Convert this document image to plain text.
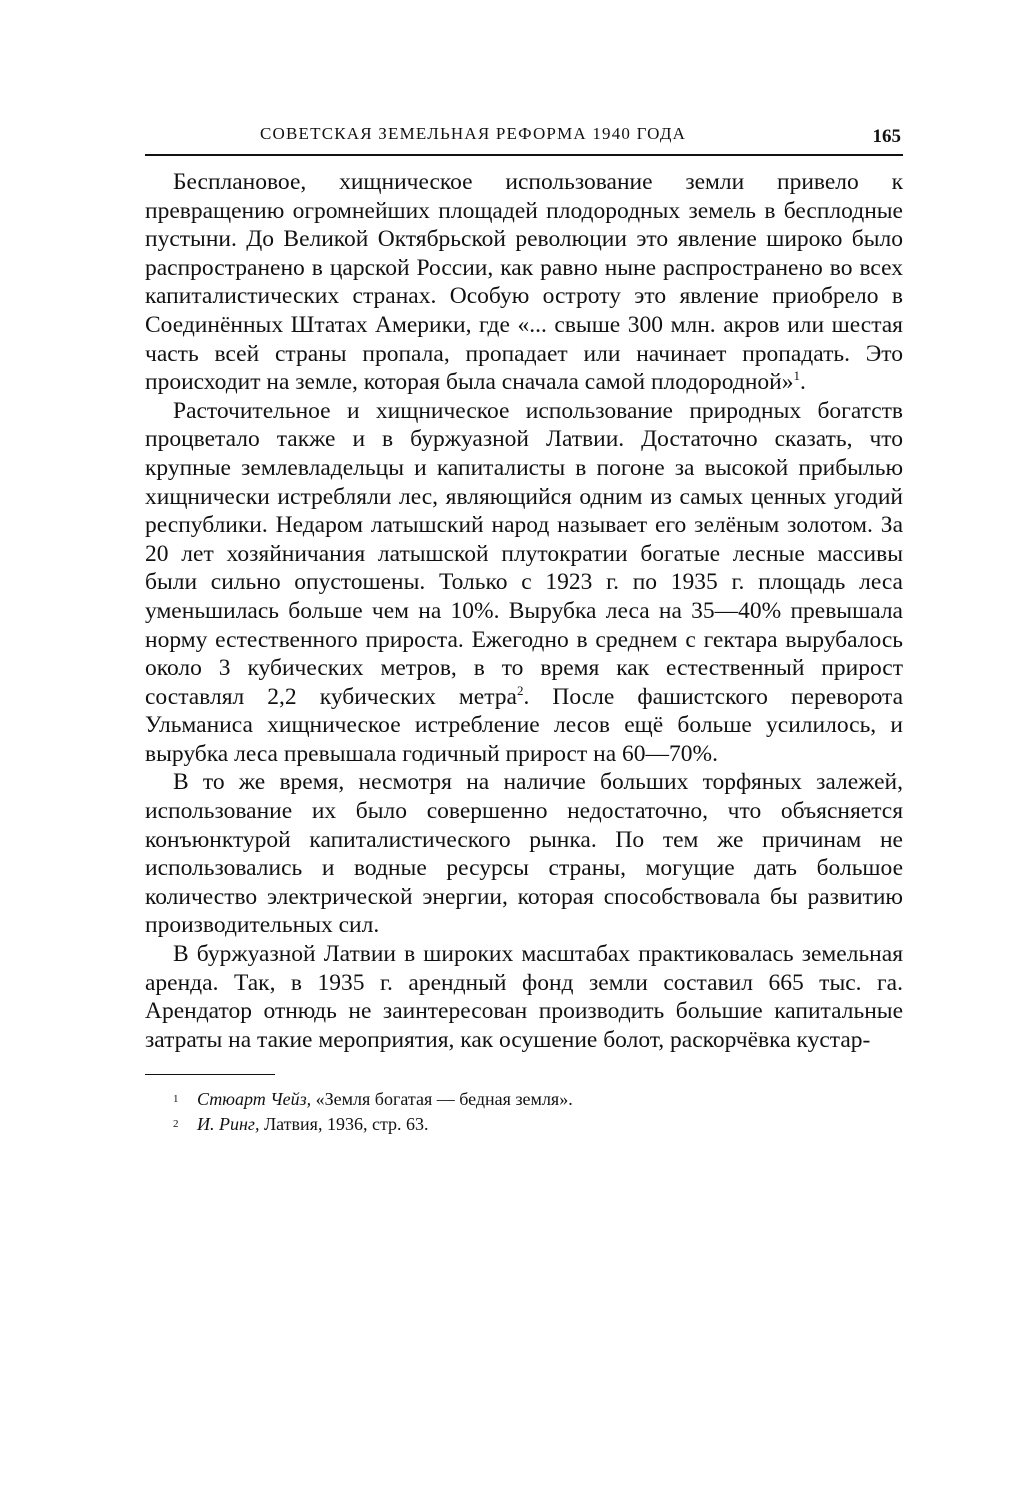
СОВЕТСКАЯ ЗЕМЕЛЬНАЯ РЕФОРМА 1940 ГОДА	165

Бесплановое, хищническое использование земли привело к превращению огромнейших площадей плодородных земель в бесплодные пустыни. До Великой Октябрьской революции это явление широко было распространено в царской России, как равно ныне распространено во всех капиталистических странах. Особую остроту это явление приобрело в Соединённых Штатах Америки, где «... свыше 300 млн. акров или шестая часть всей страны пропала, пропадает или начинает пропадать. Это происходит на земле, которая была сначала самой плодородной»$^1$.

Расточительное и хищническое использование природных богатств процветало также и в буржуазной Латвии. Достаточно сказать, что крупные землевладельцы и капиталисты в погоне за высокой прибылью хищнически истребляли лес, являющийся одним из самых ценных угодий республики. Недаром латышский народ называет его зелёным золотом. За 20 лет хозяйничания латышской плутократии богатые лесные массивы были сильно опустошены. Только с 1923 г. по 1935 г. площадь леса уменьшилась больше чем на 10%. Вырубка леса на 35—40% превышала норму естественного прироста. Ежегодно в среднем с гектара вырубалось около 3 кубических метров, в то время как естественный прирост составлял 2,2 кубических метра$^2$. После фашистского переворота Ульманиса хищническое истребление лесов ещё больше усилилось, и вырубка леса превышала годичный прирост на 60—70%.

В то же время, несмотря на наличие больших торфяных залежей, использование их было совершенно недостаточно, что объясняется конъюнктурой капиталистического рынка. По тем же причинам не использовались и водные ресурсы страны, могущие дать большое количество электрической энергии, которая способствовала бы развитию производительных сил.

В буржуазной Латвии в широких масштабах практиковалась земельная аренда. Так, в 1935 г. арендный фонд земли составил 665 тыс. га. Арендатор отнюдь не заинтересован производить большие капитальные затраты на такие мероприятия, как осушение болот, раскорчёвка кустар-

1 Стюарт Чейз, «Земля богатая — бедная земля».

2 И. Ринг, Латвия, 1936, стр. 63.
